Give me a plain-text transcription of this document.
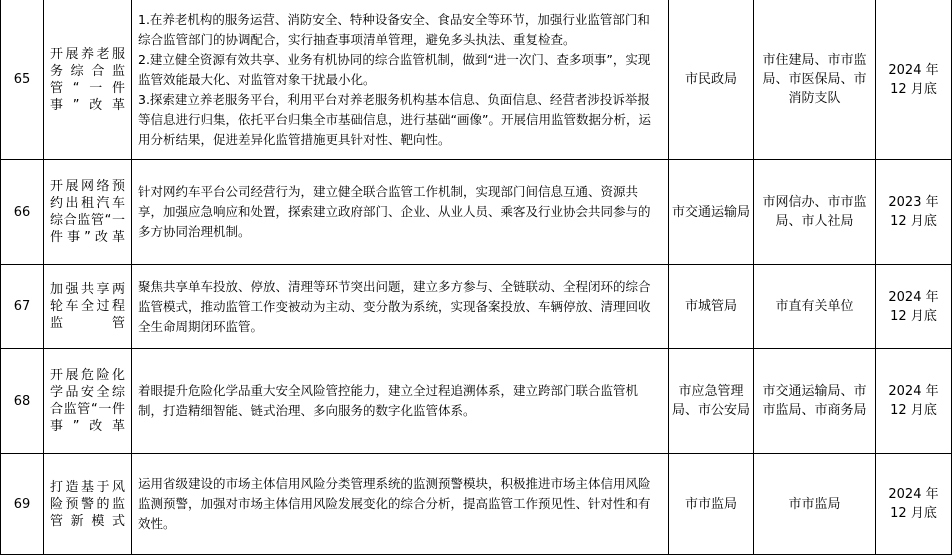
65
开展养老服务综合监管“一件事”改革
1.在养老机构的服务运营、消防安全、特种设备安全、食品安全等环节，加强行业监管部门和综合监管部门的协调配合，实行抽查事项清单管理，避免多头执法、重复检查。
2.建立健全资源有效共享、业务有机协同的综合监管机制，做到“进一次门、查多项事”，实现监管效能最大化、对监管对象干扰最小化。
3.探索建立养老服务平台，利用平台对养老服务机构基本信息、负面信息、经营者涉投诉举报等信息进行归集，依托平台归集全市基础信息，进行基础“画像”。开展信用监管数据分析，运用分析结果，促进差异化监管措施更具针对性、靶向性。
市民政局
市住建局、市市监局、市医保局、市消防支队
2024 年
12 月底
66
开展网络预约出租汽车综合监管“一件事”改革
针对网约车平台公司经营行为，建立健全联合监管工作机制，实现部门间信息互通、资源共享，加强应急响应和处置，探索建立政府部门、企业、从业人员、乘客及行业协会共同参与的多方协同治理机制。
市交通运输局
市网信办、市市监局、市人社局
2023 年
12 月底
67
加强共享两轮车全过程监管
聚焦共享单车投放、停放、清理等环节突出问题，建立多方参与、全链联动、全程闭环的综合监管模式，推动监管工作变被动为主动、变分散为系统，实现备案投放、车辆停放、清理回收全生命周期闭环监管。
市城管局	市直有关单位
2024 年
12 月底
68
开展危险化学品安全综合监管“一件事”改革
着眼提升危险化学品重大安全风险管控能力，建立全过程追溯体系，建立跨部门联合监管机制，打造精细智能、链式治理、多向服务的数字化监管体系。
市应急管理局、市公安局
市交通运输局、市市监局、市商务局
2024 年
12 月底
69
打造基于风险预警的监管新模式
运用省级建设的市场主体信用风险分类管理系统的监测预警模块，积极推进市场主体信用风险监测预警，加强对市场主体信用风险发展变化的综合分析，提高监管工作预见性、针对性和有效性。
市市监局	市市监局
2024 年
12 月底
